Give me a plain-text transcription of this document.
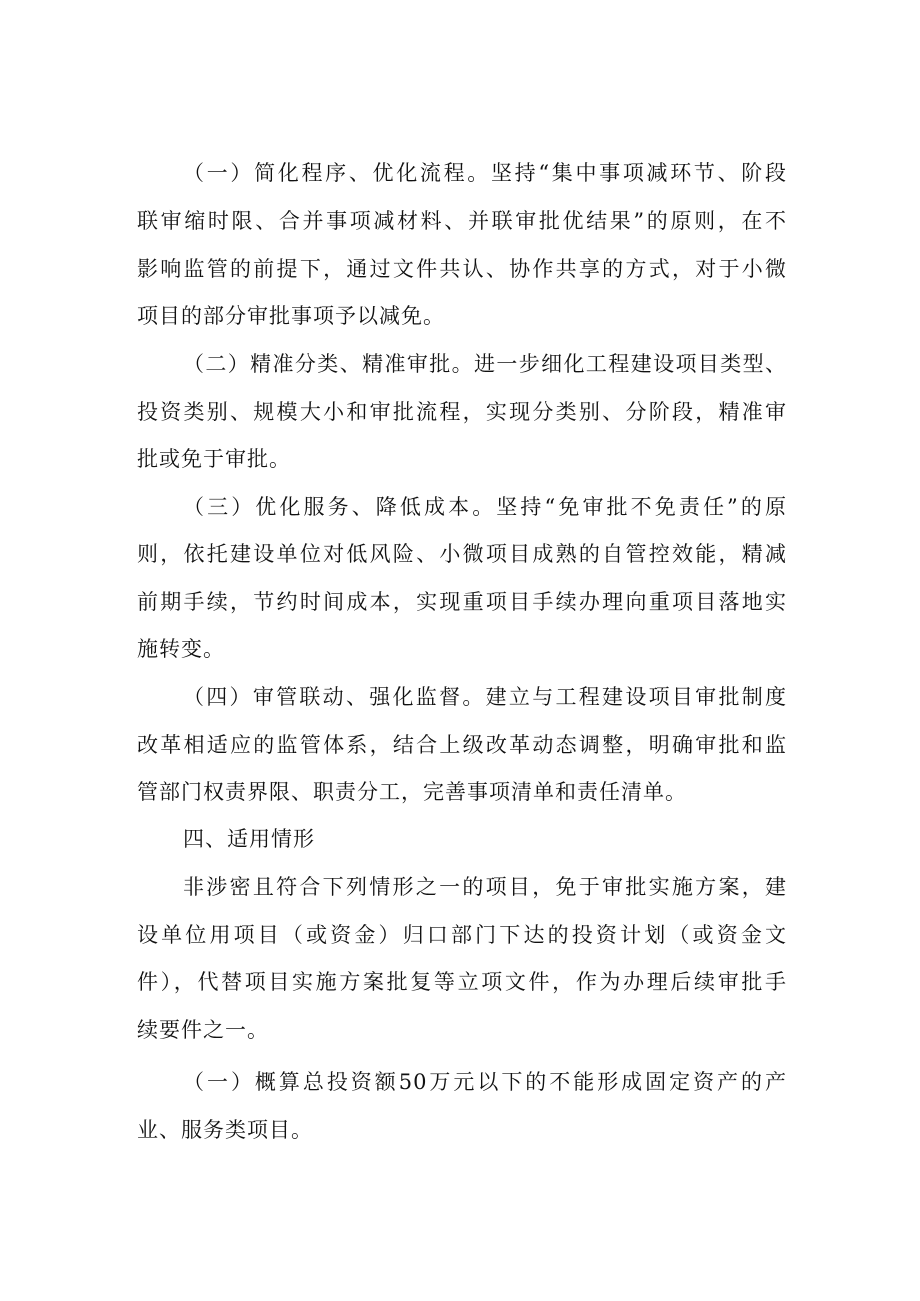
（一）简化程序、优化流程。坚持“集中事项减环节、阶段
联审缩时限、合并事项减材料、并联审批优结果”的原则，在不
影响监管的前提下，通过文件共认、协作共享的方式，对于小微
项目的部分审批事项予以减免。
（二）精准分类、精准审批。进一步细化工程建设项目类型、
投资类别、规模大小和审批流程，实现分类别、分阶段，精准审
批或免于审批。
（三）优化服务、降低成本。坚持“免审批不免责任”的原
则，依托建设单位对低风险、小微项目成熟的自管控效能，精减
前期手续，节约时间成本，实现重项目手续办理向重项目落地实
施转变。
（四）审管联动、强化监督。建立与工程建设项目审批制度
改革相适应的监管体系，结合上级改革动态调整，明确审批和监
管部门权责界限、职责分工，完善事项清单和责任清单。
四、适用情形
非涉密且符合下列情形之一的项目，免于审批实施方案，建
设单位用项目（或资金）归口部门下达的投资计划（或资金文
件），代替项目实施方案批复等立项文件，作为办理后续审批手
续要件之一。
（一）概算总投资额50万元以下的不能形成固定资产的产
业、服务类项目。
